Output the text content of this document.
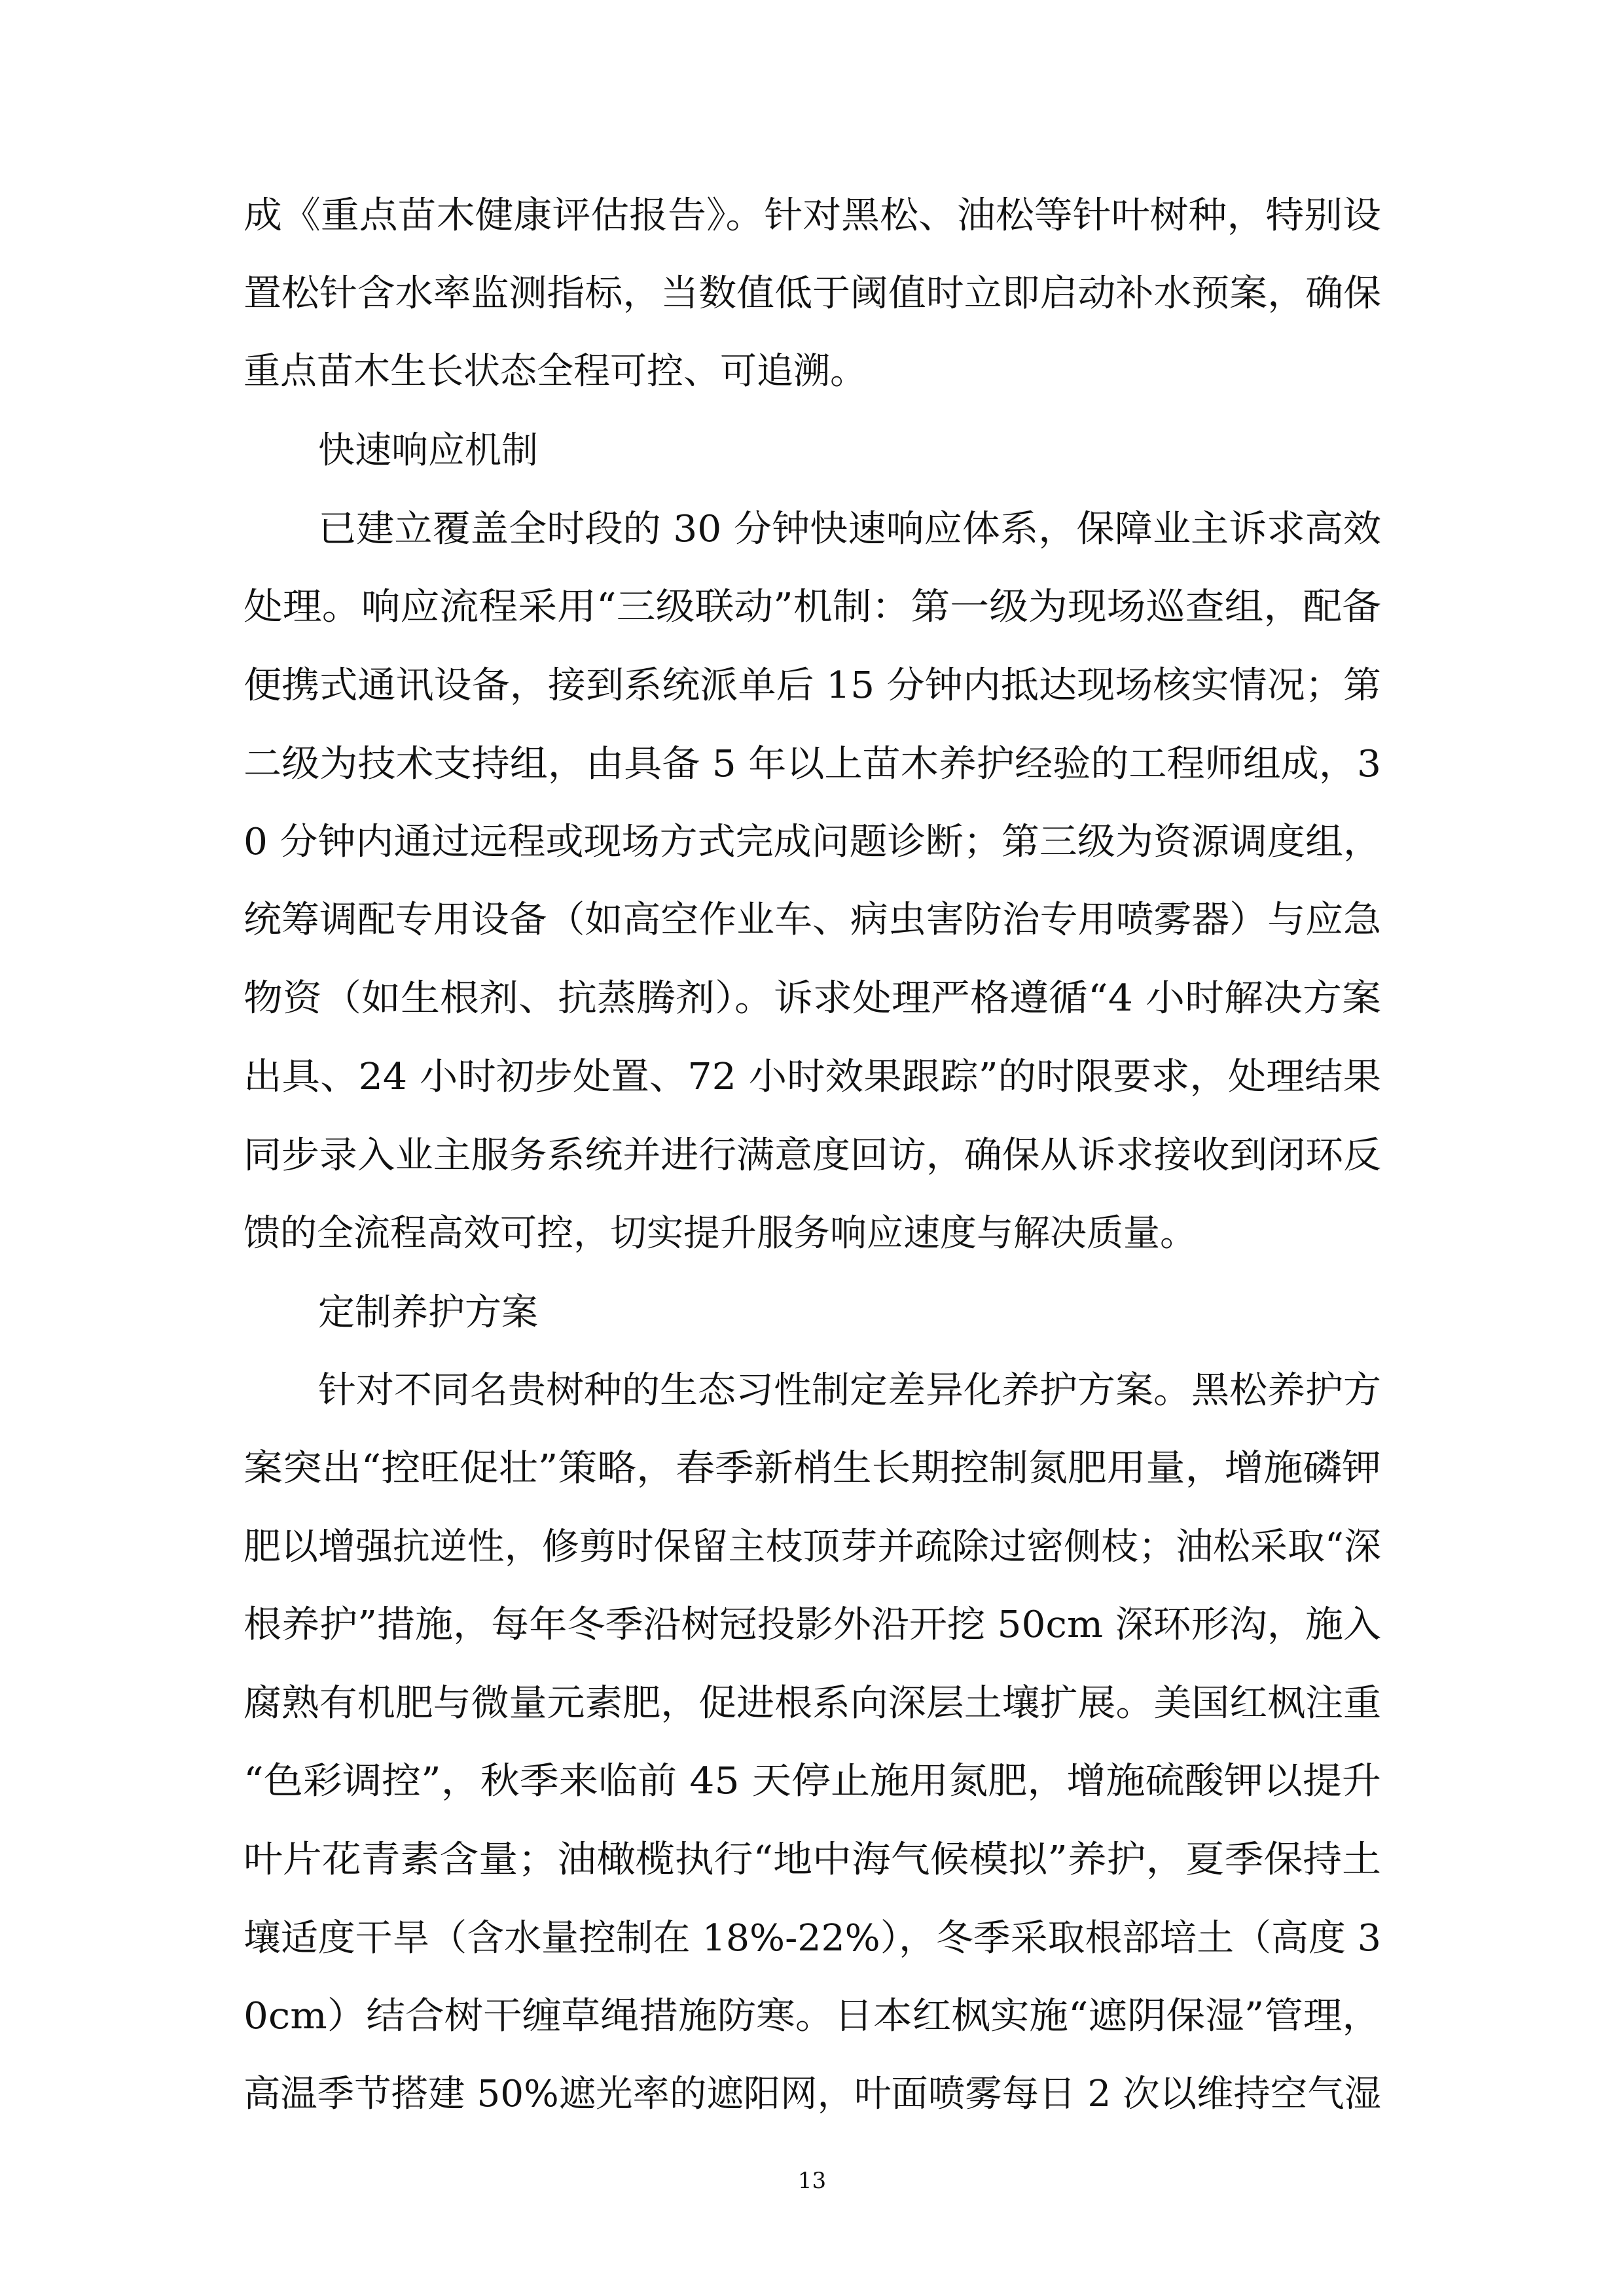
成《重点苗木健康评估报告》。针对黑松、油松等针叶树种，特别设

置松针含水率监测指标，当数值低于阈值时立即启动补水预案，确保

重点苗木生长状态全程可控、可追溯。

快速响应机制

已建立覆盖全时段的 30 分钟快速响应体系，保障业主诉求高效

处理。响应流程采用“三级联动”机制：第一级为现场巡查组，配备

便携式通讯设备，接到系统派单后 15 分钟内抵达现场核实情况；第

二级为技术支持组，由具备 5 年以上苗木养护经验的工程师组成，3

0 分钟内通过远程或现场方式完成问题诊断；第三级为资源调度组，

统筹调配专用设备（如高空作业车、病虫害防治专用喷雾器）与应急

物资（如生根剂、抗蒸腾剂）。诉求处理严格遵循“4 小时解决方案

出具、24 小时初步处置、72 小时效果跟踪”的时限要求，处理结果

同步录入业主服务系统并进行满意度回访，确保从诉求接收到闭环反

馈的全流程高效可控，切实提升服务响应速度与解决质量。

定制养护方案

针对不同名贵树种的生态习性制定差异化养护方案。黑松养护方

案突出“控旺促壮”策略，春季新梢生长期控制氮肥用量，增施磷钾

肥以增强抗逆性，修剪时保留主枝顶芽并疏除过密侧枝；油松采取“深

根养护”措施，每年冬季沿树冠投影外沿开挖 50cm 深环形沟，施入

腐熟有机肥与微量元素肥，促进根系向深层土壤扩展。美国红枫注重

“色彩调控”，秋季来临前 45 天停止施用氮肥，增施硫酸钾以提升

叶片花青素含量；油橄榄执行“地中海气候模拟”养护，夏季保持土

壤适度干旱（含水量控制在 18%-22%），冬季采取根部培土（高度 3

0cm）结合树干缠草绳措施防寒。日本红枫实施“遮阴保湿”管理，

高温季节搭建 50%遮光率的遮阳网，叶面喷雾每日 2 次以维持空气湿

13
